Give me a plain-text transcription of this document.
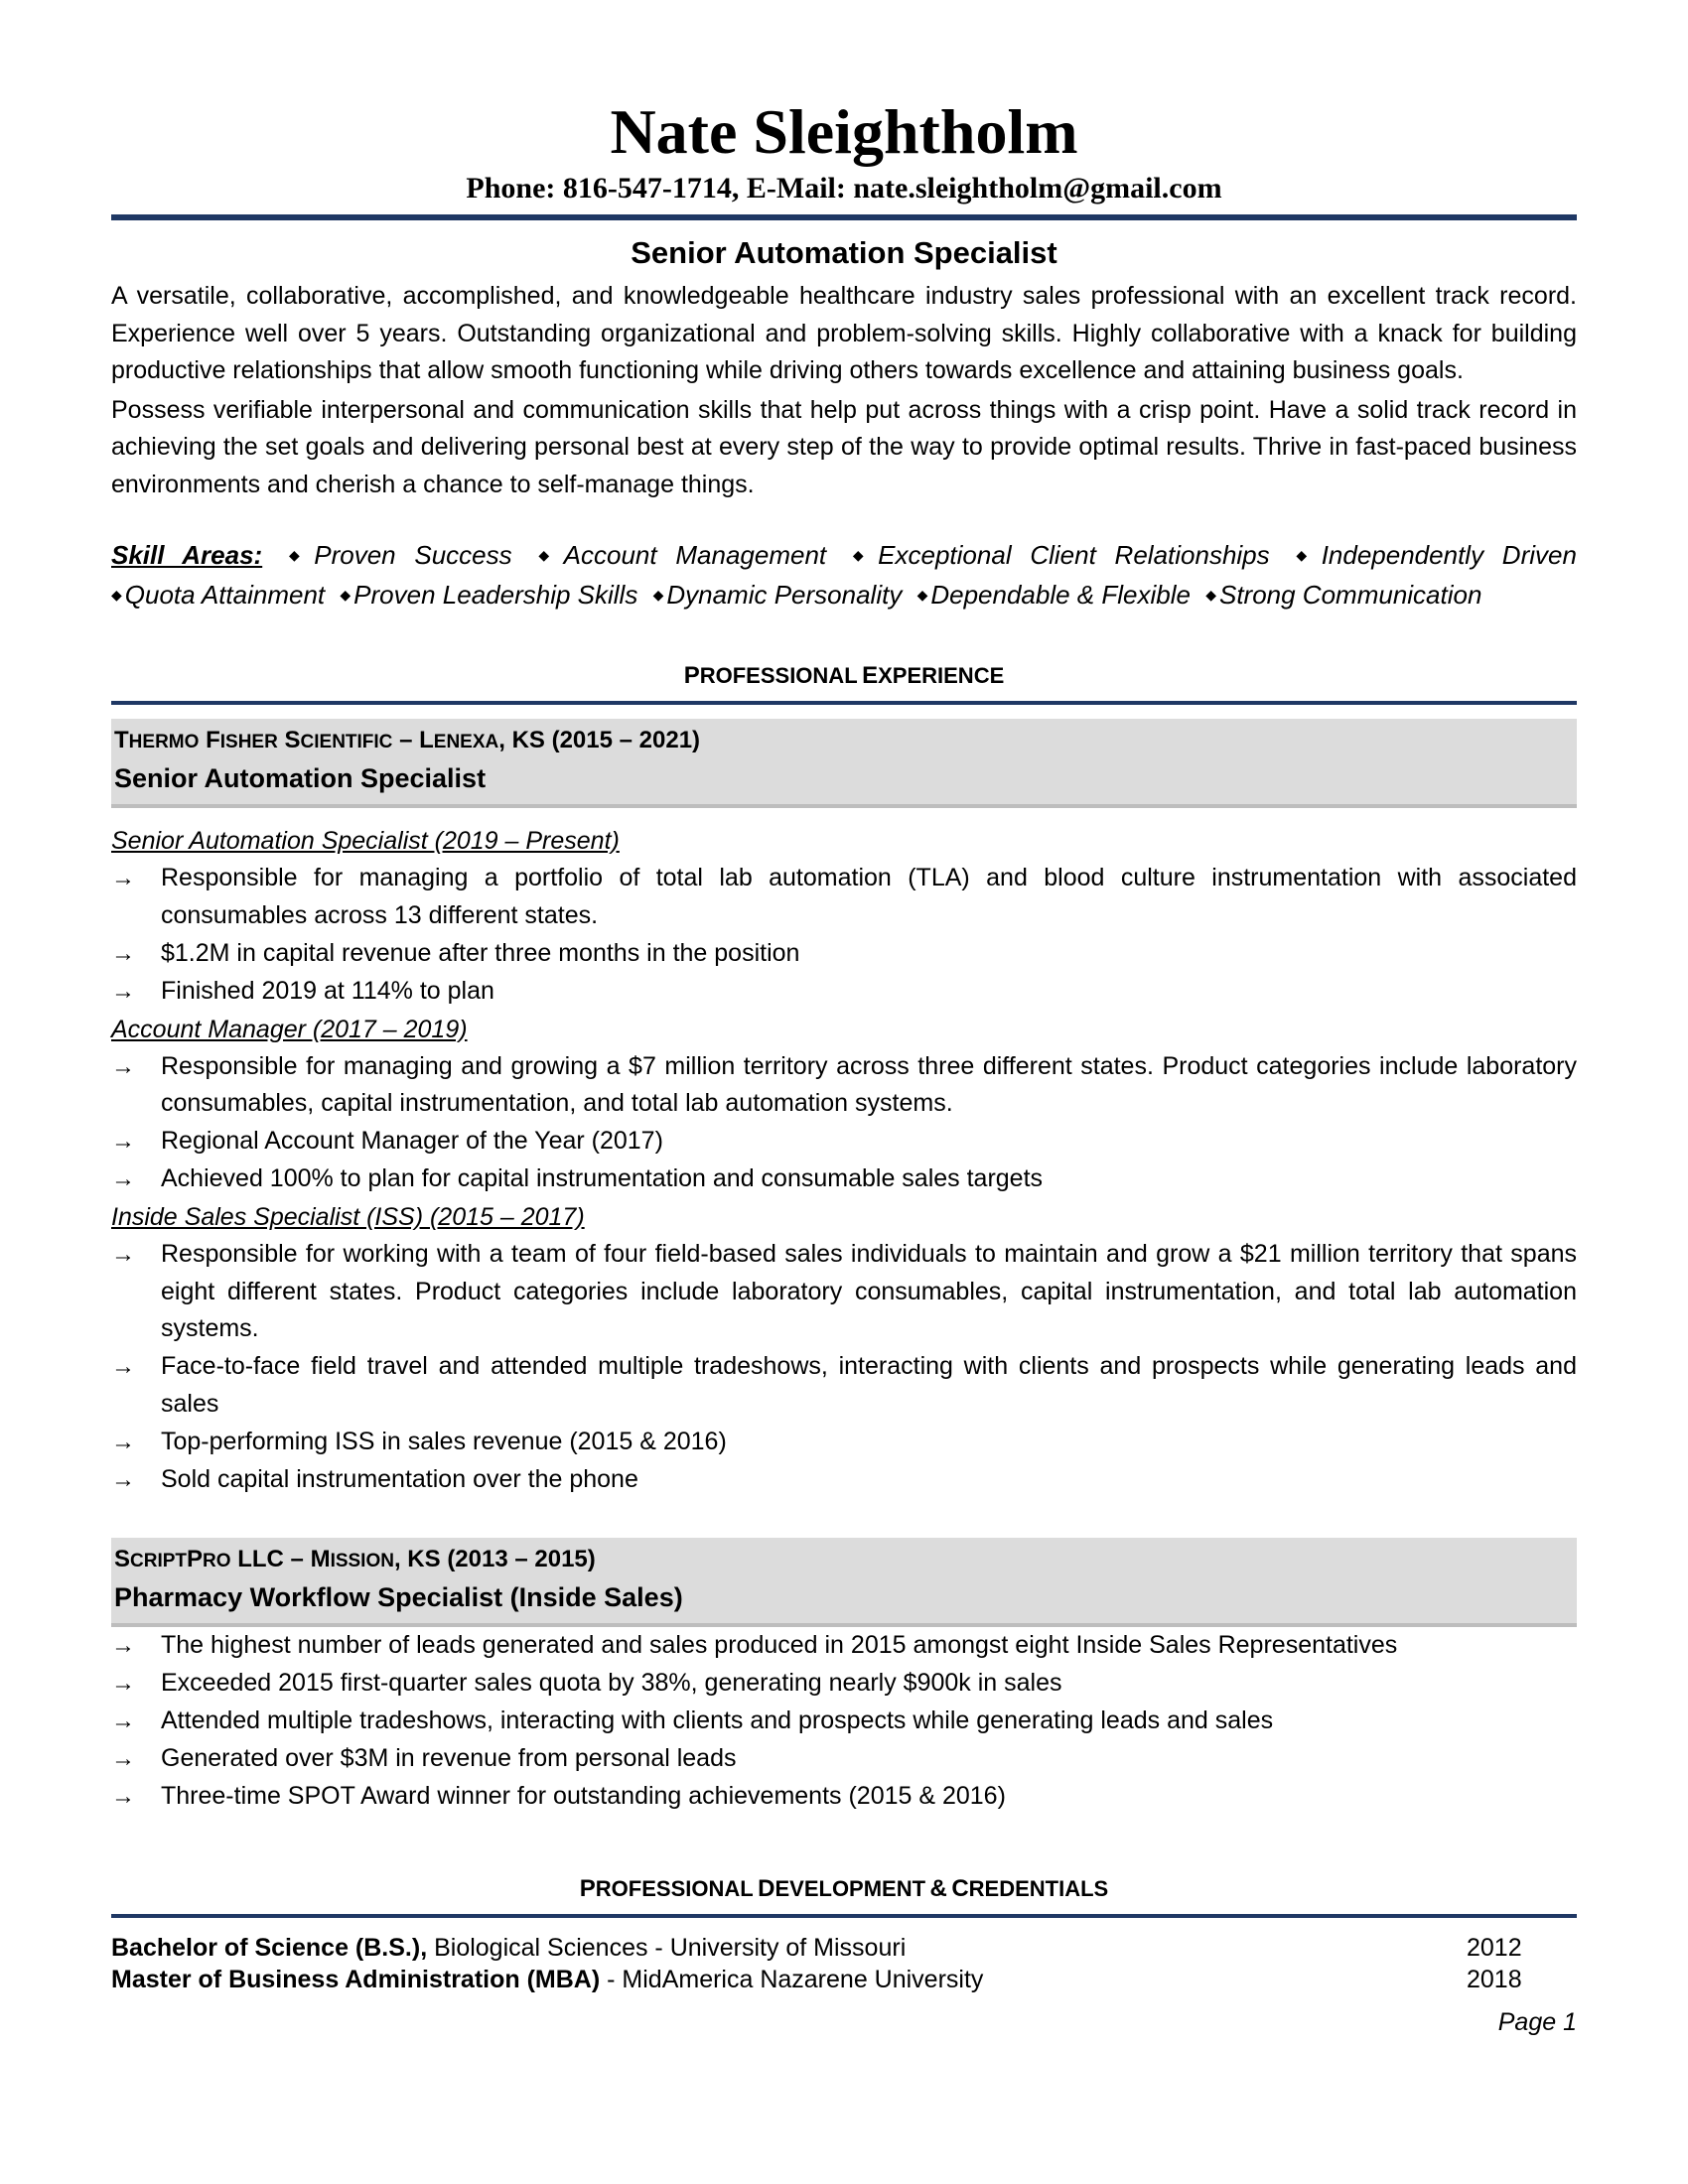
Nate Sleightholm
Phone: 816-547-1714, E-Mail: nate.sleightholm@gmail.com
Senior Automation Specialist

A versatile, collaborative, accomplished, and knowledgeable healthcare industry sales professional with an excellent track record. Experience well over 5 years. Outstanding organizational and problem-solving skills. Highly collaborative with a knack for building productive relationships that allow smooth functioning while driving others towards excellence and attaining business goals.

Possess verifiable interpersonal and communication skills that help put across things with a crisp point. Have a solid track record in achieving the set goals and delivering personal best at every step of the way to provide optimal results. Thrive in fast-paced business environments and cherish a chance to self-manage things.

Skill Areas: ◆ Proven Success ◆ Account Management ◆ Exceptional Client Relationships ◆ Independently Driven ◆ Quota Attainment ◆ Proven Leadership Skills ◆ Dynamic Personality ◆ Dependable & Flexible ◆ Strong Communication
PROFESSIONAL EXPERIENCE
THERMO FISHER SCIENTIFIC – LENEXA, KS (2015 – 2021)
Senior Automation Specialist
Senior Automation Specialist (2019 – Present)
→	Responsible for managing a portfolio of total lab automation (TLA) and blood culture instrumentation with associated consumables across 13 different states.
→	$1.2M in capital revenue after three months in the position
→	Finished 2019 at 114% to plan
Account Manager (2017 – 2019)
→	Responsible for managing and growing a $7 million territory across three different states. Product categories include laboratory consumables, capital instrumentation, and total lab automation systems.
→	Regional Account Manager of the Year (2017)
→	Achieved 100% to plan for capital instrumentation and consumable sales targets
Inside Sales Specialist (ISS) (2015 – 2017)
→	Responsible for working with a team of four field-based sales individuals to maintain and grow a $21 million territory that spans eight different states. Product categories include laboratory consumables, capital instrumentation, and total lab automation systems.
→	Face-to-face field travel and attended multiple tradeshows, interacting with clients and prospects while generating leads and sales
→	Top-performing ISS in sales revenue (2015 & 2016)
→	Sold capital instrumentation over the phone
SCRIPTPRO LLC – MISSION, KS (2013 – 2015)
Pharmacy Workflow Specialist (Inside Sales)
→	The highest number of leads generated and sales produced in 2015 amongst eight Inside Sales Representatives
→	Exceeded 2015 first-quarter sales quota by 38%, generating nearly $900k in sales
→	Attended multiple tradeshows, interacting with clients and prospects while generating leads and sales
→	Generated over $3M in revenue from personal leads
→	Three-time SPOT Award winner for outstanding achievements (2015 & 2016)
PROFESSIONAL DEVELOPMENT & CREDENTIALS
Bachelor of Science (B.S.), Biological Sciences - University of Missouri	2012
Master of Business Administration (MBA) - MidAmerica Nazarene University	2018
Page 1
